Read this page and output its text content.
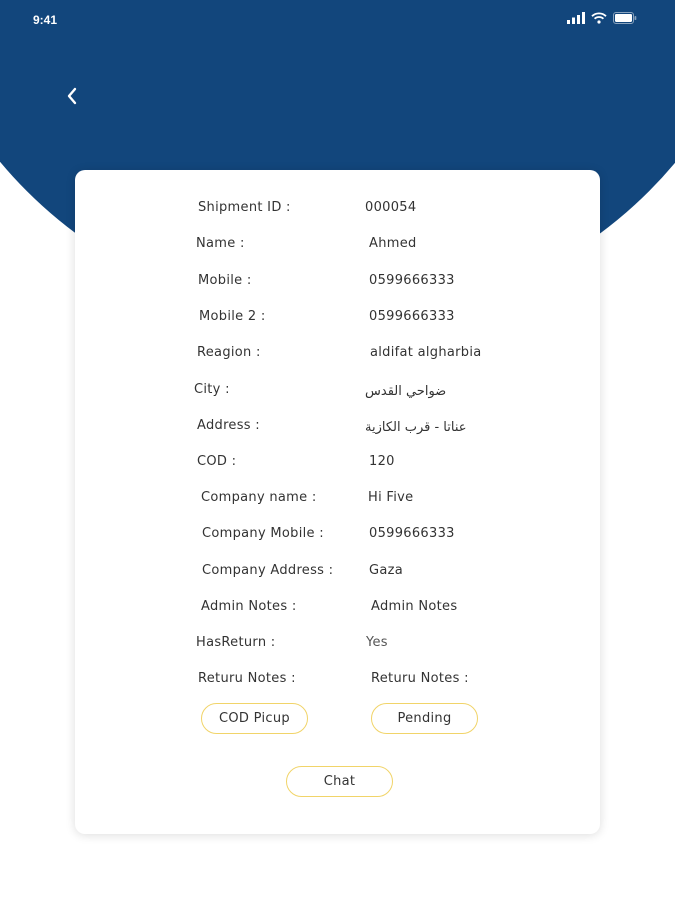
9:41
Shipment ID :	000054
Name :	Ahmed
Mobile :	0599666333
Mobile 2 :	0599666333
Reagion :	aldifat algharbia
City :	ضواحي القدس
Address :	عناتا - قرب الكازية
COD :	120
Company name :	Hi Five
Company Mobile :	0599666333
Company Address :	Gaza
Admin Notes :	Admin Notes
HasReturn :	Yes
Returu Notes :	Returu Notes :
COD Picup	Pending
Chat
